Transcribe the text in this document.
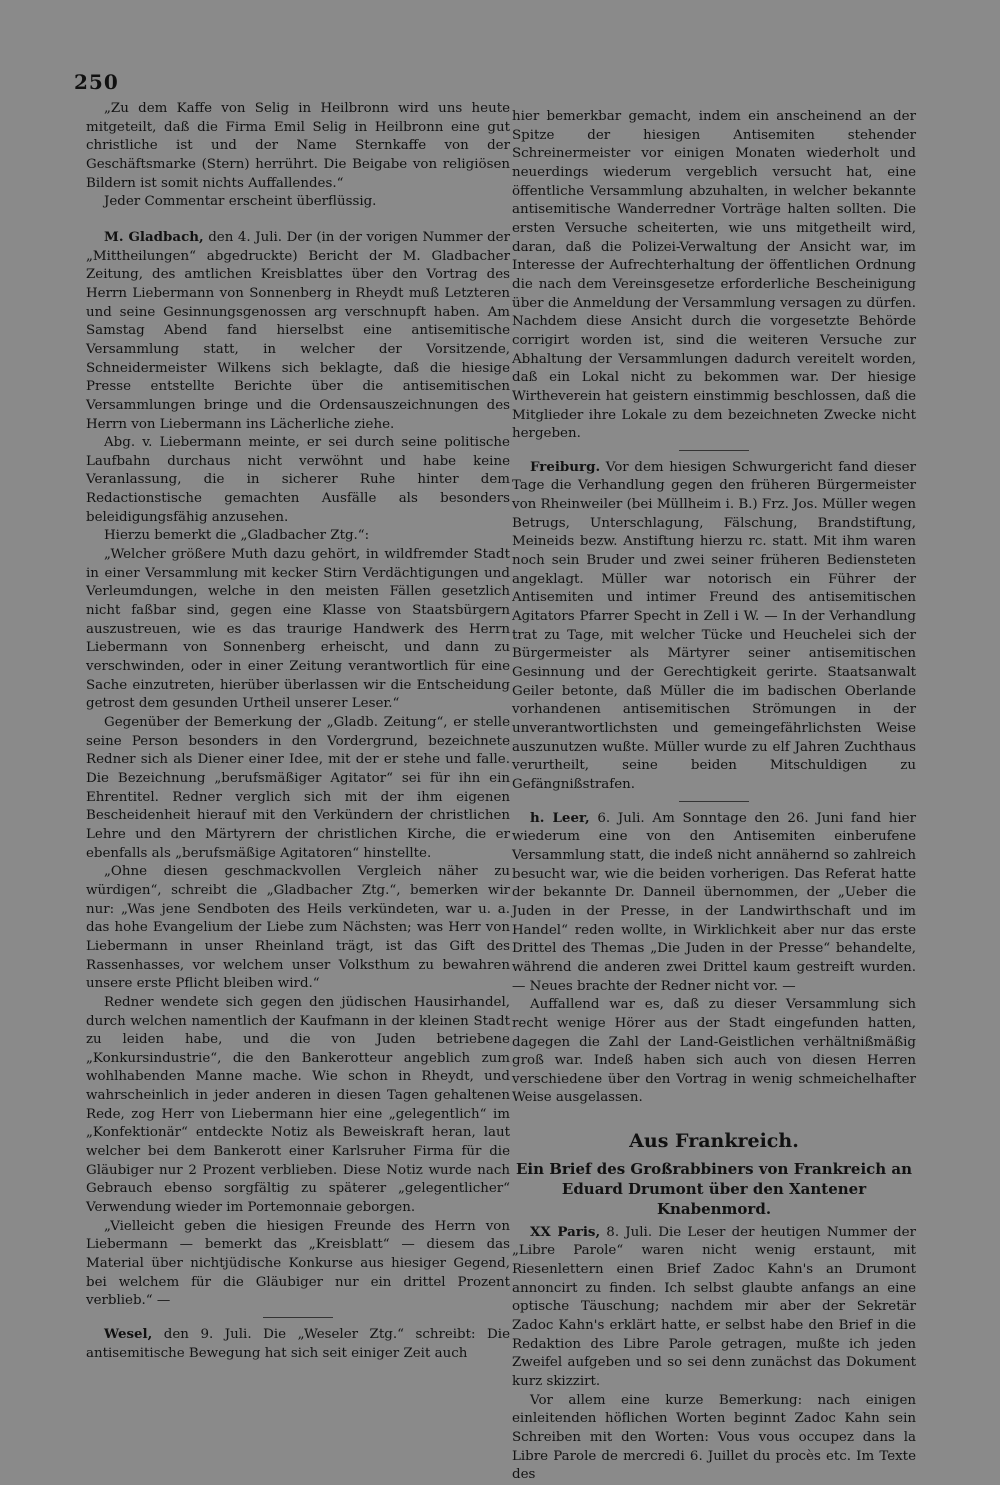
250

„Zu dem Kaffe von Selig in Heilbronn wird uns heute mitgeteilt, daß die Firma Emil Selig in Heilbronn eine gut christliche ist und der Name Sternkaffe von der Geschäftsmarke (Stern) herrührt. Die Beigabe von religiösen Bildern ist somit nichts Auffallendes.“

Jeder Commentar erscheint überflüssig.

M. Gladbach, den 4. Juli. Der (in der vorigen Nummer der „Mittheilungen“ abgedruckte) Bericht der M. Gladbacher Zeitung, des amtlichen Kreisblattes über den Vortrag des Herrn Liebermann von Sonnenberg in Rheydt muß Letzteren und seine Gesinnungsgenossen arg verschnupft haben. Am Samstag Abend fand hierselbst eine antisemitische Versammlung statt, in welcher der Vorsitzende, Schneidermeister Wilkens sich beklagte, daß die hiesige Presse entstellte Berichte über die antisemitischen Versammlungen bringe und die Ordensauszeichnungen des Herrn von Liebermann ins Lächerliche ziehe.

Abg. v. Liebermann meinte, er sei durch seine politische Laufbahn durchaus nicht verwöhnt und habe keine Veranlassung, die in sicherer Ruhe hinter dem Redactionstische gemachten Ausfälle als besonders beleidigungsfähig anzusehen.

Hierzu bemerkt die „Gladbacher Ztg.“:

„Welcher größere Muth dazu gehört, in wildfremder Stadt in einer Versammlung mit kecker Stirn Verdächtigungen und Verleumdungen, welche in den meisten Fällen gesetzlich nicht faßbar sind, gegen eine Klasse von Staatsbürgern auszustreuen, wie es das traurige Handwerk des Herrn Liebermann von Sonnenberg erheischt, und dann zu verschwinden, oder in einer Zeitung verantwortlich für eine Sache einzutreten, hierüber überlassen wir die Entscheidung getrost dem gesunden Urtheil unserer Leser.“

Gegenüber der Bemerkung der „Gladb. Zeitung“, er stelle seine Person besonders in den Vordergrund, bezeichnete Redner sich als Diener einer Idee, mit der er stehe und falle. Die Bezeichnung „berufsmäßiger Agitator“ sei für ihn ein Ehrentitel. Redner verglich sich mit der ihm eigenen Bescheidenheit hierauf mit den Verkündern der christlichen Lehre und den Märtyrern der christlichen Kirche, die er ebenfalls als „berufsmäßige Agitatoren“ hinstellte.

„Ohne diesen geschmackvollen Vergleich näher zu würdigen“, schreibt die „Gladbacher Ztg.“, bemerken wir nur: „Was jene Sendboten des Heils verkündeten, war u. a. das hohe Evangelium der Liebe zum Nächsten; was Herr von Liebermann in unser Rheinland trägt, ist das Gift des Rassenhasses, vor welchem unser Volksthum zu bewahren unsere erste Pflicht bleiben wird.“

Redner wendete sich gegen den jüdischen Hausirhandel, durch welchen namentlich der Kaufmann in der kleinen Stadt zu leiden habe, und die von Juden betriebene „Konkursindustrie“, die den Bankerotteur angeblich zum wohlhabenden Manne mache. Wie schon in Rheydt, und wahrscheinlich in jeder anderen in diesen Tagen gehaltenen Rede, zog Herr von Liebermann hier eine „gelegentlich“ im „Konfektionär“ entdeckte Notiz als Beweiskraft heran, laut welcher bei dem Bankerott einer Karlsruher Firma für die Gläubiger nur 2 Prozent verblieben. Diese Notiz wurde nach Gebrauch ebenso sorgfältig zu späterer „gelegentlicher“ Verwendung wieder im Portemonnaie geborgen.

„Vielleicht geben die hiesigen Freunde des Herrn von Liebermann — bemerkt das „Kreisblatt“ — diesem das Material über nichtjüdische Konkurse aus hiesiger Gegend, bei welchem für die Gläubiger nur ein drittel Prozent verblieb.“ —

Wesel, den 9. Juli. Die „Weseler Ztg.“ schreibt: Die antisemitische Bewegung hat sich seit einiger Zeit auch

hier bemerkbar gemacht, indem ein anscheinend an der Spitze der hiesigen Antisemiten stehender Schreinermeister vor einigen Monaten wiederholt und neuerdings wiederum vergeblich versucht hat, eine öffentliche Versammlung abzuhalten, in welcher bekannte antisemitische Wanderredner Vorträge halten sollten. Die ersten Versuche scheiterten, wie uns mitgetheilt wird, daran, daß die Polizei-Verwaltung der Ansicht war, im Interesse der Aufrechterhaltung der öffentlichen Ordnung die nach dem Vereinsgesetze erforderliche Bescheinigung über die Anmeldung der Versammlung versagen zu dürfen. Nachdem diese Ansicht durch die vorgesetzte Behörde corrigirt worden ist, sind die weiteren Versuche zur Abhaltung der Versammlungen dadurch vereitelt worden, daß ein Lokal nicht zu bekommen war. Der hiesige Wirtheverein hat geistern einstimmig beschlossen, daß die Mitglieder ihre Lokale zu dem bezeichneten Zwecke nicht hergeben.

Freiburg. Vor dem hiesigen Schwurgericht fand dieser Tage die Verhandlung gegen den früheren Bürgermeister von Rheinweiler (bei Müllheim i. B.) Frz. Jos. Müller wegen Betrugs, Unterschlagung, Fälschung, Brandstiftung, Meineids bezw. Anstiftung hierzu rc. statt. Mit ihm waren noch sein Bruder und zwei seiner früheren Bediensteten angeklagt. Müller war notorisch ein Führer der Antisemiten und intimer Freund des antisemitischen Agitators Pfarrer Specht in Zell i W. — In der Verhandlung trat zu Tage, mit welcher Tücke und Heuchelei sich der Bürgermeister als Märtyrer seiner antisemitischen Gesinnung und der Gerechtigkeit gerirte. Staatsanwalt Geiler betonte, daß Müller die im badischen Oberlande vorhandenen antisemitischen Strömungen in der unverantwortlichsten und gemeingefährlichsten Weise auszunutzen wußte. Müller wurde zu elf Jahren Zuchthaus verurtheilt, seine beiden Mitschuldigen zu Gefängnißstrafen.

h. Leer, 6. Juli. Am Sonntage den 26. Juni fand hier wiederum eine von den Antisemiten einberufene Versammlung statt, die indeß nicht annähernd so zahlreich besucht war, wie die beiden vorherigen. Das Referat hatte der bekannte Dr. Danneil übernommen, der „Ueber die Juden in der Presse, in der Landwirthschaft und im Handel“ reden wollte, in Wirklichkeit aber nur das erste Drittel des Themas „Die Juden in der Presse“ behandelte, während die anderen zwei Drittel kaum gestreift wurden. — Neues brachte der Redner nicht vor. —

Auffallend war es, daß zu dieser Versammlung sich recht wenige Hörer aus der Stadt eingefunden hatten, dagegen die Zahl der Land-Geistlichen verhältnißmäßig groß war. Indeß haben sich auch von diesen Herren verschiedene über den Vortrag in wenig schmeichelhafter Weise ausgelassen.

Aus Frankreich.
Ein Brief des Großrabbiners von Frankreich an Eduard Drumont über den Xantener Knabenmord.

XX Paris, 8. Juli. Die Leser der heutigen Nummer der „Libre Parole“ waren nicht wenig erstaunt, mit Riesenlettern einen Brief Zadoc Kahn's an Drumont annoncirt zu finden. Ich selbst glaubte anfangs an eine optische Täuschung; nachdem mir aber der Sekretär Zadoc Kahn's erklärt hatte, er selbst habe den Brief in die Redaktion des Libre Parole getragen, mußte ich jeden Zweifel aufgeben und so sei denn zunächst das Dokument kurz skizzirt.

Vor allem eine kurze Bemerkung: nach einigen einleitenden höflichen Worten beginnt Zadoc Kahn sein Schreiben mit den Worten: Vous vous occupez dans la Libre Parole de mercredi 6. Juillet du procès etc. Im Texte des
